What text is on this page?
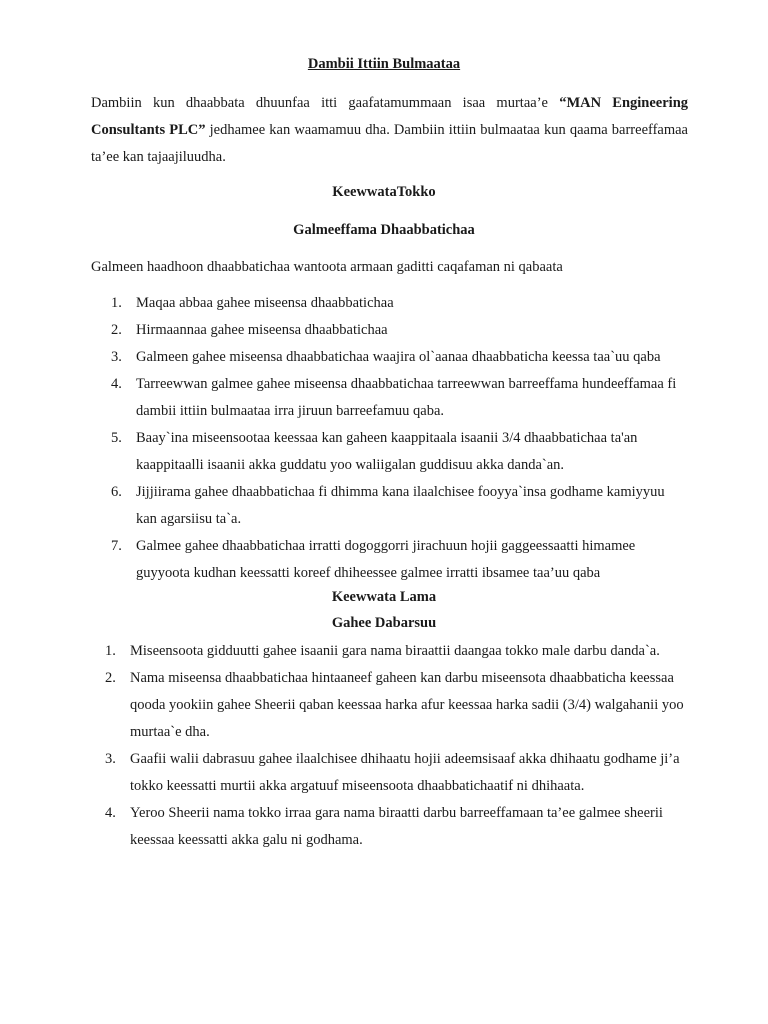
Dambii Ittiin Bulmaataa
Dambiin kun dhaabbata dhuunfaa itti gaafatamummaan isaa murtaa’e “MAN Engineering Consultants PLC” jedhamee kan waamamuu dha. Dambiin ittiin bulmaataa kun qaama barreeffamaa ta’ee kan tajaajiluudha.
KeewwataTokko
Galmeeffama Dhaabbatichaa
Galmeen haadhoon dhaabbatichaa wantoota armaan gaditti caqafaman ni qabaata
1. Maqaa abbaa gahee miseensa dhaabbatichaa
2. Hirmaannaa gahee miseensa dhaabbatichaa
3. Galmeen gahee miseensa dhaabbatichaa waajira ol`aanaa dhaabbaticha keessa taa`uu qaba
4. Tarreewwan galmee gahee miseensa dhaabbatichaa tarreewwan barreeffama hundeeffamaa fi dambii ittiin bulmaataa irra jiruun barreefamuu qaba.
5. Baay`ina miseensootaa keessaa kan gaheen kaappitaala isaanii 3/4 dhaabbatichaa ta'an kaappitaalli isaanii akka guddatu yoo waliigalan guddisuu akka danda`an.
6. Jijjiirama gahee dhaabbatichaa fi dhimma kana ilaalchisee fooyya`insa godhame kamiyyuu kan agarsiisu ta`a.
7. Galmee gahee dhaabbatichaa irratti dogoggorri jirachuun hojii gaggeessaatti himamee guyyoota kudhan keessatti koreef dhiheessee galmee irratti ibsamee taa’uu qaba
Keewwata Lama
Gahee Dabarsuu
1. Miseensoota gidduutti gahee isaanii gara nama biraattii daangaa tokko male darbu danda`a.
2. Nama miseensa dhaabbatichaa hintaaneef gaheen kan darbu miseensota dhaabbaticha keessaa qooda yookiin gahee Sheerii qaban keessaa harka afur keessaa harka sadii (3/4) walgahanii yoo murtaa`e dha.
3. Gaafii walii dabrasuu gahee ilaalchisee dhihaatu hojii adeemsisaaf akka dhihaatu godhame ji’a tokko keessatti murtii akka argatuuf miseensoota dhaabbatichaatif ni dhihaata.
4. Yeroo Sheerii nama tokko irraa gara nama biraatti darbu barreeffamaan ta’ee galmee sheerii keessaa keessatti akka galu ni godhama.
